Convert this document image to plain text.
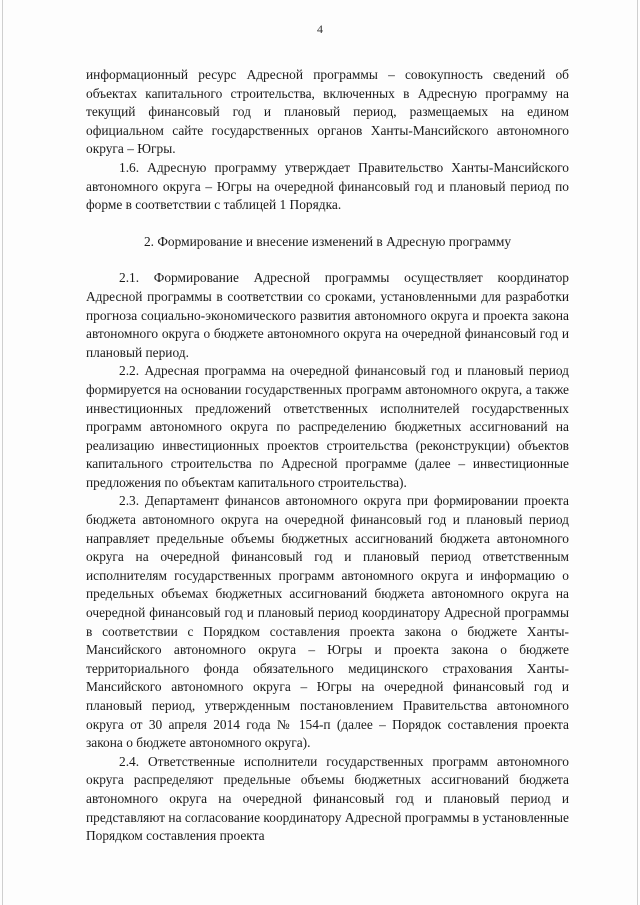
4

информационный ресурс Адресной программы – совокупность сведений об объектах капитального строительства, включенных в Адресную программу на текущий финансовый год и плановый период, размещаемых на едином официальном сайте государственных органов Ханты-Мансийского автономного округа – Югры.

1.6. Адресную программу утверждает Правительство Ханты-Мансийского автономного округа – Югры на очередной финансовый год и плановый период по форме в соответствии с таблицей 1 Порядка.

2. Формирование и внесение изменений в Адресную программу

2.1. Формирование Адресной программы осуществляет координатор Адресной программы в соответствии со сроками, установленными для разработки прогноза социально-экономического развития автономного округа и проекта закона автономного округа о бюджете автономного округа на очередной финансовый год и плановый период.

2.2. Адресная программа на очередной финансовый год и плановый период формируется на основании государственных программ автономного округа, а также инвестиционных предложений ответственных исполнителей государственных программ автономного округа по распределению бюджетных ассигнований на реализацию инвестиционных проектов строительства (реконструкции) объектов капитального строительства по Адресной программе (далее – инвестиционные предложения по объектам капитального строительства).

2.3. Департамент финансов автономного округа при формировании проекта бюджета автономного округа на очередной финансовый год и плановый период направляет предельные объемы бюджетных ассигнований бюджета автономного округа на очередной финансовый год и плановый период ответственным исполнителям государственных программ автономного округа и информацию о предельных объемах бюджетных ассигнований бюджета автономного округа на очередной финансовый год и плановый период координатору Адресной программы в соответствии с Порядком составления проекта закона о бюджете Ханты-Мансийского автономного округа – Югры и проекта закона о бюджете территориального фонда обязательного медицинского страхования Ханты-Мансийского автономного округа – Югры на очередной финансовый год и плановый период, утвержденным постановлением Правительства автономного округа от 30 апреля 2014 года № 154-п (далее – Порядок составления проекта закона о бюджете автономного округа).

2.4. Ответственные исполнители государственных программ автономного округа распределяют предельные объемы бюджетных ассигнований бюджета автономного округа на очередной финансовый год и плановый период и представляют на согласование координатору Адресной программы в установленные Порядком составления проекта
